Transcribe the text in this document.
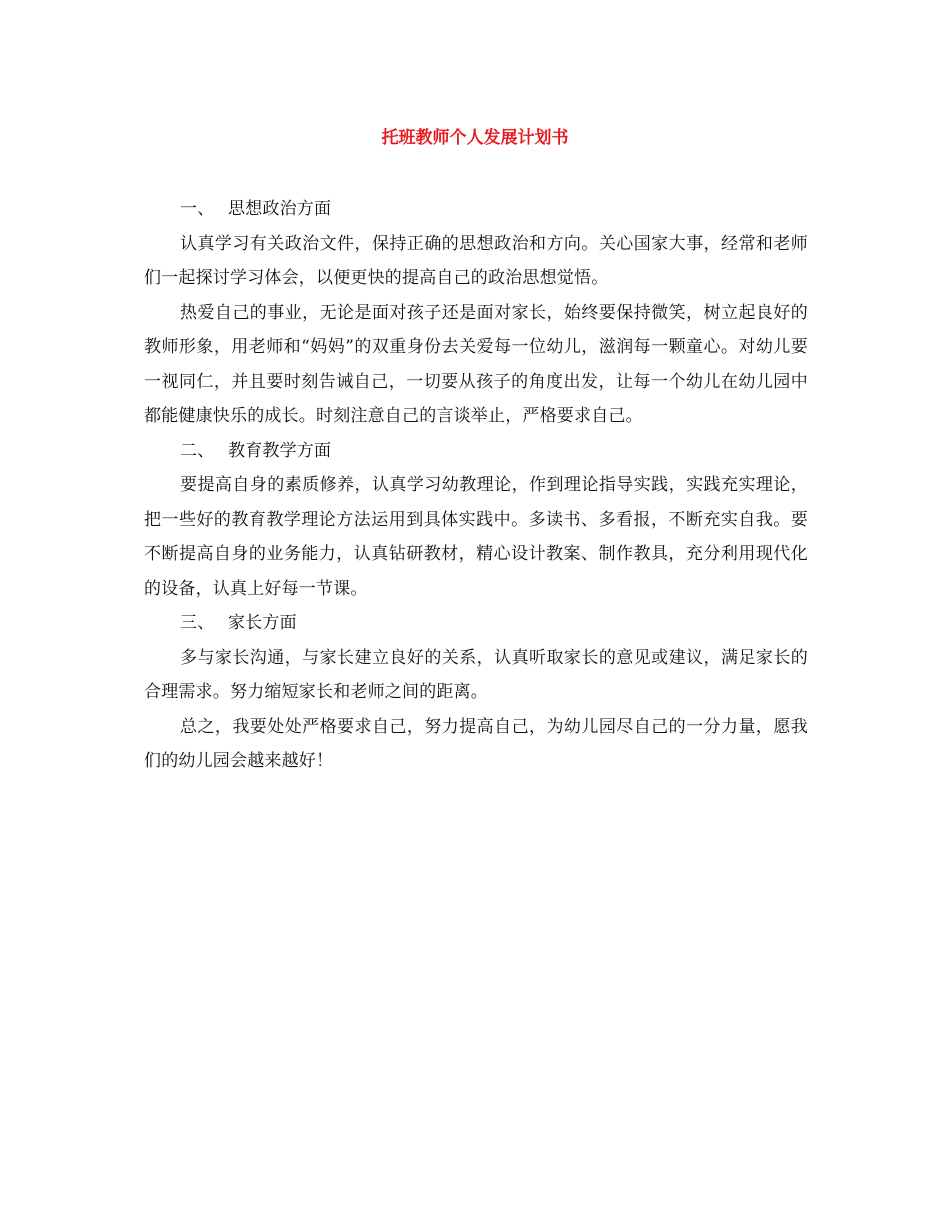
托班教师个人发展计划书

一、 思想政治方面

认真学习有关政治文件，保持正确的思想政治和方向。关心国家大事，经常和老师们一起探讨学习体会，以便更快的提高自己的政治思想觉悟。

热爱自己的事业，无论是面对孩子还是面对家长，始终要保持微笑，树立起良好的教师形象，用老师和“妈妈”的双重身份去关爱每一位幼儿，滋润每一颗童心。对幼儿要一视同仁，并且要时刻告诫自己，一切要从孩子的角度出发，让每一个幼儿在幼儿园中都能健康快乐的成长。时刻注意自己的言谈举止，严格要求自己。

二、 教育教学方面

要提高自身的素质修养，认真学习幼教理论，作到理论指导实践，实践充实理论，把一些好的教育教学理论方法运用到具体实践中。多读书、多看报，不断充实自我。要不断提高自身的业务能力，认真钻研教材，精心设计教案、制作教具，充分利用现代化的设备，认真上好每一节课。

三、 家长方面

多与家长沟通，与家长建立良好的关系，认真听取家长的意见或建议，满足家长的合理需求。努力缩短家长和老师之间的距离。

总之，我要处处严格要求自己，努力提高自己，为幼儿园尽自己的一分力量，愿我们的幼儿园会越来越好！
